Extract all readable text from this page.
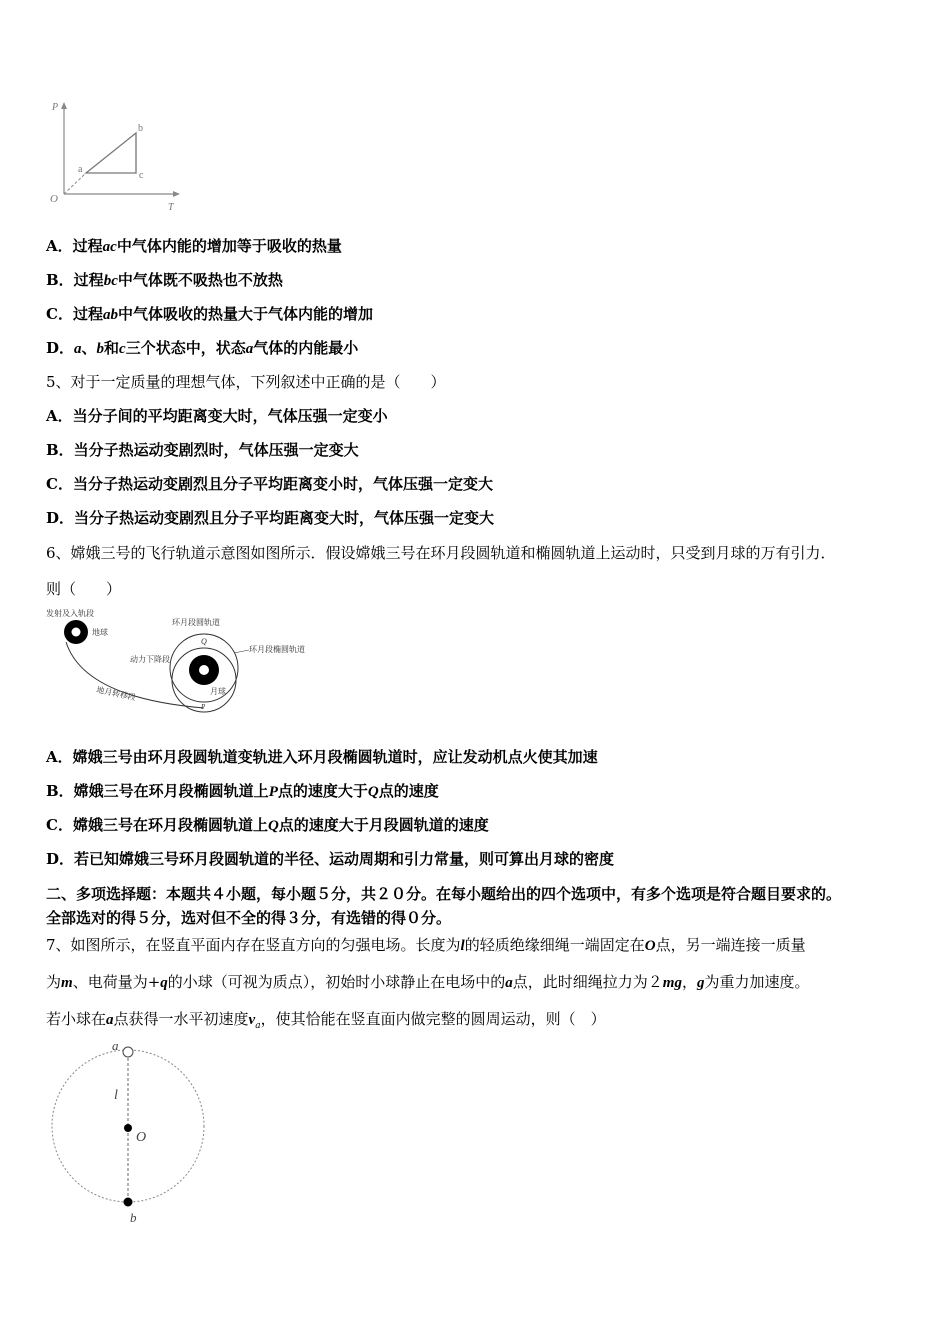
P
T
O
a
b
c
A．过程ac中气体内能的增加等于吸收的热量
B．过程bc中气体既不吸热也不放热
C．过程ab中气体吸收的热量大于气体内能的增加
D．a、b和c三个状态中，状态a气体的内能最小
5、对于一定质量的理想气体，下列叙述中正确的是（　　）
A．当分子间的平均距离变大时，气体压强一定变小
B．当分子热运动变剧烈时，气体压强一定变大
C．当分子热运动变剧烈且分子平均距离变小时，气体压强一定变大
D．当分子热运动变剧烈且分子平均距离变大时，气体压强一定变大
6、嫦娥三号的飞行轨道示意图如图所示．假设嫦娥三号在环月段圆轨道和椭圆轨道上运动时，只受到月球的万有引力．
则（　　）
发射及入轨段
地球
环月段圆轨道
环月段椭圆轨道
动力下降段
月球
Q
P
地月转移段
A．嫦娥三号由环月段圆轨道变轨进入环月段椭圆轨道时，应让发动机点火使其加速
B．嫦娥三号在环月段椭圆轨道上P点的速度大于Q点的速度
C．嫦娥三号在环月段椭圆轨道上Q点的速度大于月段圆轨道的速度
D．若已知嫦娥三号环月段圆轨道的半径、运动周期和引力常量，则可算出月球的密度
二、多项选择题：本题共４小题，每小题５分，共２０分。在每小题给出的四个选项中，有多个选项是符合题目要求的。
全部选对的得５分，选对但不全的得３分，有选错的得０分。
7、如图所示，在竖直平面内存在竖直方向的匀强电场。长度为l的轻质绝缘细绳一端固定在O点，另一端连接一质量
为m、电荷量为+q的小球（可视为质点），初始时小球静止在电场中的a点，此时细绳拉力为２mg，g为重力加速度。
若小球在a点获得一水平初速度$v_a$，使其恰能在竖直面内做完整的圆周运动，则（　）
a
l
O
b
